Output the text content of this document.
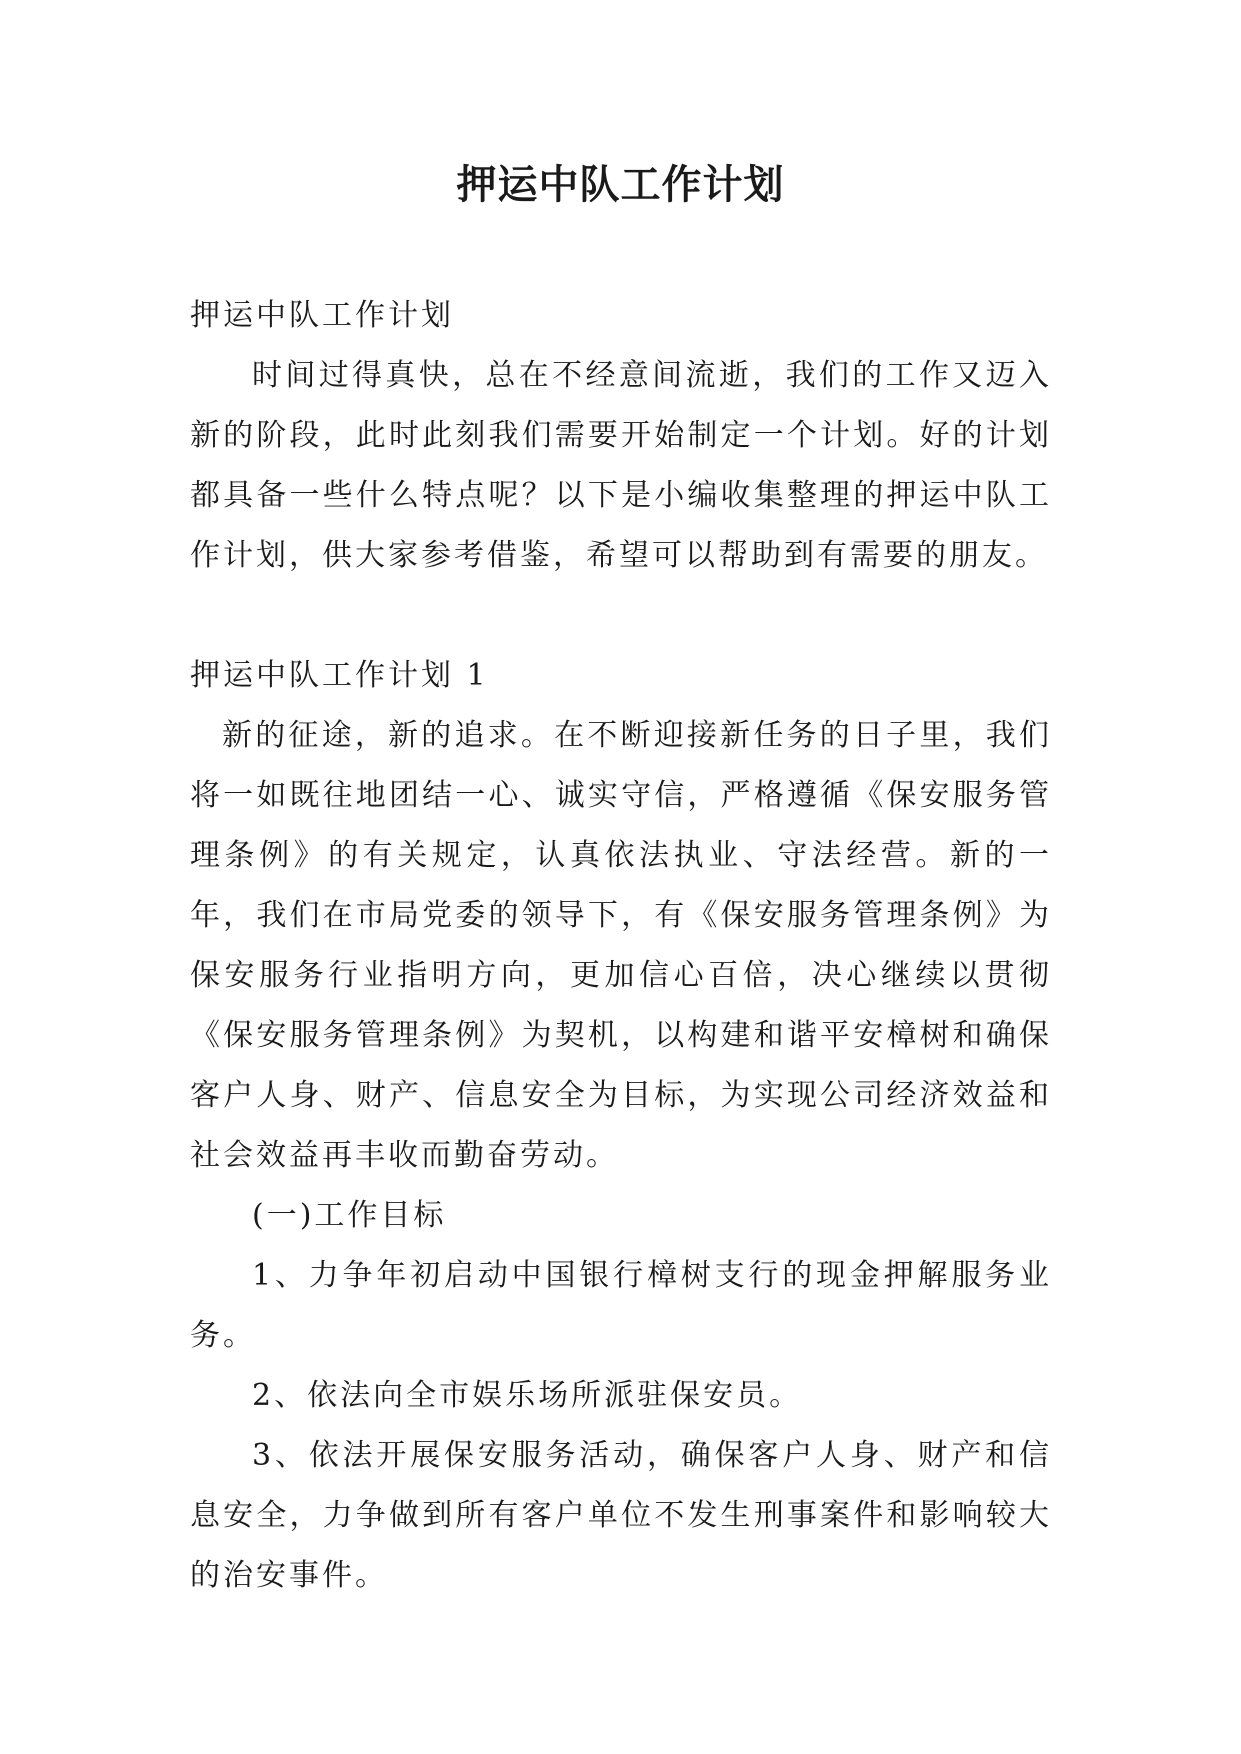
押运中队工作计划

押运中队工作计划

时间过得真快，总在不经意间流逝，我们的工作又迈入新的阶段，此时此刻我们需要开始制定一个计划。好的计划都具备一些什么特点呢？以下是小编收集整理的押运中队工作计划，供大家参考借鉴，希望可以帮助到有需要的朋友。

押运中队工作计划 1

新的征途，新的追求。在不断迎接新任务的日子里，我们将一如既往地团结一心、诚实守信，严格遵循《保安服务管理条例》的有关规定，认真依法执业、守法经营。新的一年，我们在市局党委的领导下，有《保安服务管理条例》为保安服务行业指明方向，更加信心百倍，决心继续以贯彻《保安服务管理条例》为契机，以构建和谐平安樟树和确保客户人身、财产、信息安全为目标，为实现公司经济效益和社会效益再丰收而勤奋劳动。

(一)工作目标

1、力争年初启动中国银行樟树支行的现金押解服务业务。

2、依法向全市娱乐场所派驻保安员。

3、依法开展保安服务活动，确保客户人身、财产和信息安全，力争做到所有客户单位不发生刑事案件和影响较大的治安事件。
